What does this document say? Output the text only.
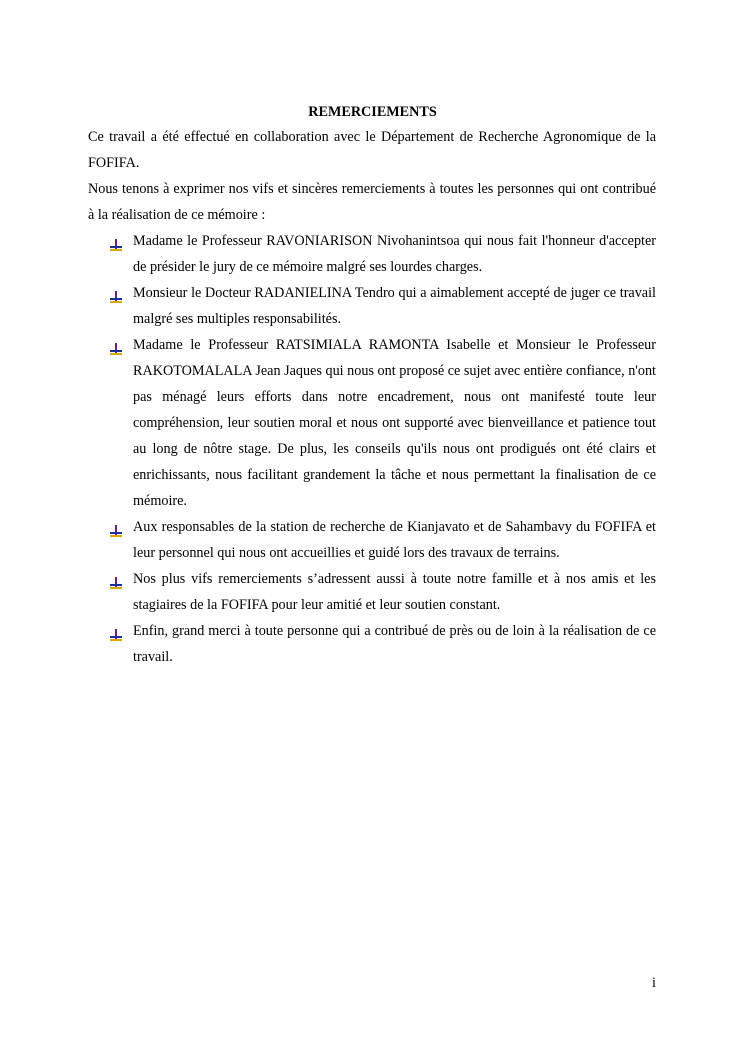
REMERCIEMENTS

Ce travail a été effectué en collaboration avec le Département de Recherche Agronomique de la FOFIFA.

Nous tenons à exprimer nos vifs et sincères remerciements à toutes les personnes qui ont contribué à la réalisation de ce mémoire :

Madame le Professeur RAVONIARISON Nivohanintsoa qui nous fait l'honneur d'accepter de présider le jury de ce mémoire malgré ses lourdes charges.
Monsieur le Docteur RADANIELINA Tendro qui a aimablement accepté de juger ce travail malgré ses multiples responsabilités.
Madame le Professeur RATSIMIALA RAMONTA Isabelle et Monsieur le Professeur RAKOTOMALALA Jean Jaques qui nous ont proposé ce sujet avec entière confiance, n'ont pas ménagé leurs efforts dans notre encadrement, nous ont manifesté toute leur compréhension, leur soutien moral et nous ont supporté avec bienveillance et patience tout au long de nôtre stage. De plus, les conseils qu'ils nous ont prodigués ont été clairs et enrichissants, nous facilitant grandement la tâche et nous permettant la finalisation de ce mémoire.
Aux responsables de la station de recherche de Kianjavato et de Sahambavy du FOFIFA et leur personnel qui nous ont accueillies et guidé lors des travaux de terrains.
Nos plus vifs remerciements s’adressent aussi à toute notre famille et à nos amis et les stagiaires de la FOFIFA pour leur amitié et leur soutien constant.
Enfin, grand merci à toute personne qui a contribué de près ou de loin à la réalisation de ce travail.
i
